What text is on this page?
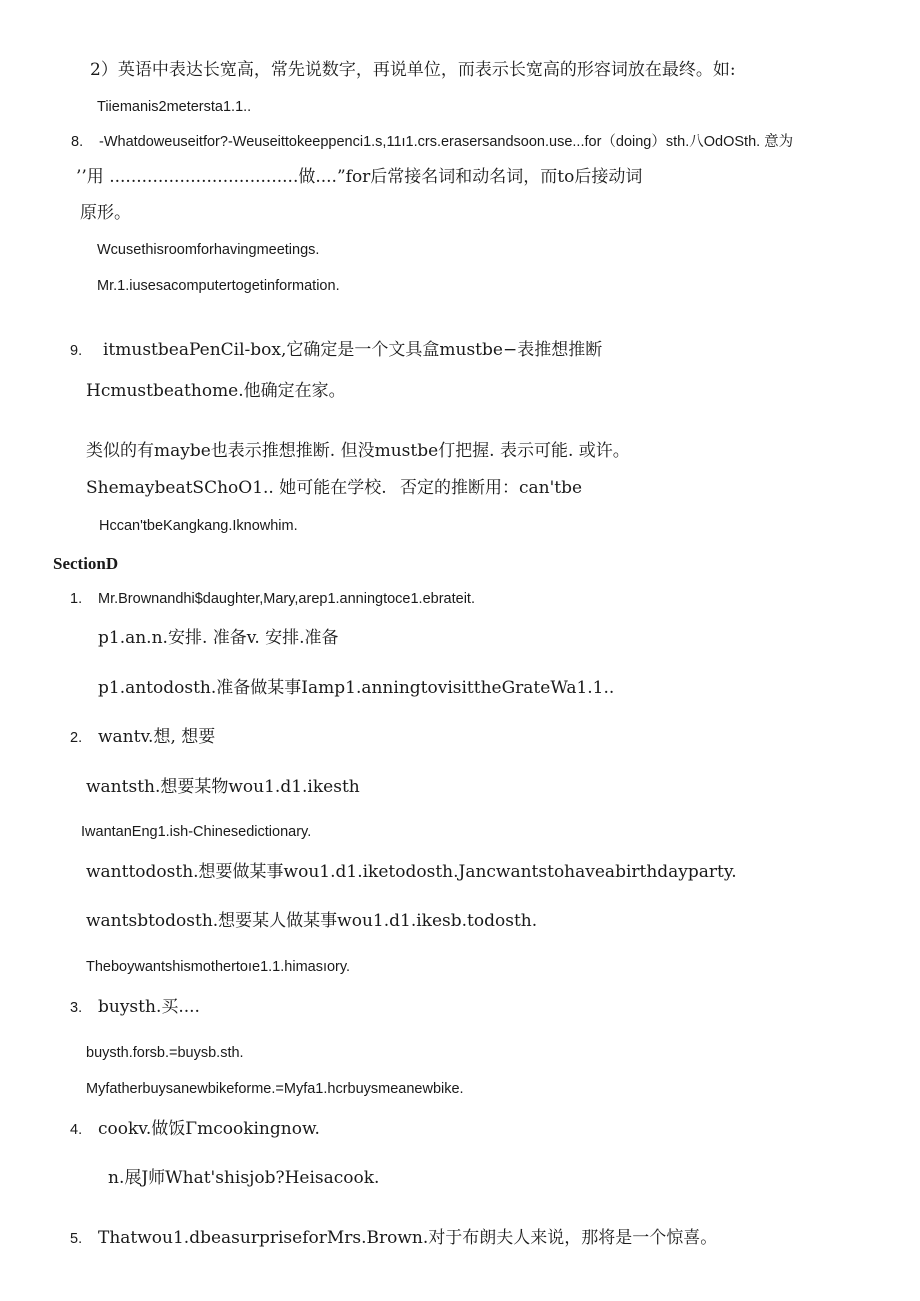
2）英语中表达长宽高，常先说数字，再说单位，而表示长宽高的形容词放在最终。如:
Tiiemanis2metersta1.1..
8. -Whatdoweuseitfor?-Weuseittokeeppenci1.s,11ı1.crs.erasersandsoon.use...for（doing）sth.八OdOSth. 意为
’’用 ...................................做....”for后常接名词和动名词，而to后接动词
原形。
Wcusethisroomforhavingmeetings.
Mr.1.iusesacomputertogetinformation.
9. itmustbeaPenCil-box,它确定是一个文具盒mustbe−表推想推断
Hcmustbeathome.他确定在家。
类似的有maybe也表示推想推断. 但没mustbe仃把握. 表示可能. 或许。
ShemaybeatSChoO1.. 她可能在学校. 否定的推断用：can'tbe
Hccan'tbeKangkang.Iknowhim.
SectionD
1. Mr.Brownandhi$daughter,Mary,arep1.anningtoce1.ebrateit.
p1.an.n.安排. 准备v. 安排.准备
p1.antodosth.准备做某事Iamp1.anningtovisittheGrateWa1.1..
2. wantv.想, 想要
wantsth.想要某物wou1.d1.ikesth
IwantanEng1.ish-Chinesedictionary.
wanttodosth.想要做某事wou1.d1.iketodosth.Jancwantstohaveabirthdayparty.
wantsbtodosth.想要某人做某事wou1.d1.ikesb.todosth.
Theboywantshismothertoıe1.1.himasıory.
3. buysth.买....
buysth.forsb.=buysb.sth.
Myfatherbuysanewbikeforme.=Myfa1.hcrbuysmeanewbike.
4. cookv.做饭Γmcookingnow.
n.展J师What'shisjob?Heisacook.
5. Thatwou1.dbeasurpriseforMrs.Brown.对于布朗夫人来说，那将是一个惊喜。
